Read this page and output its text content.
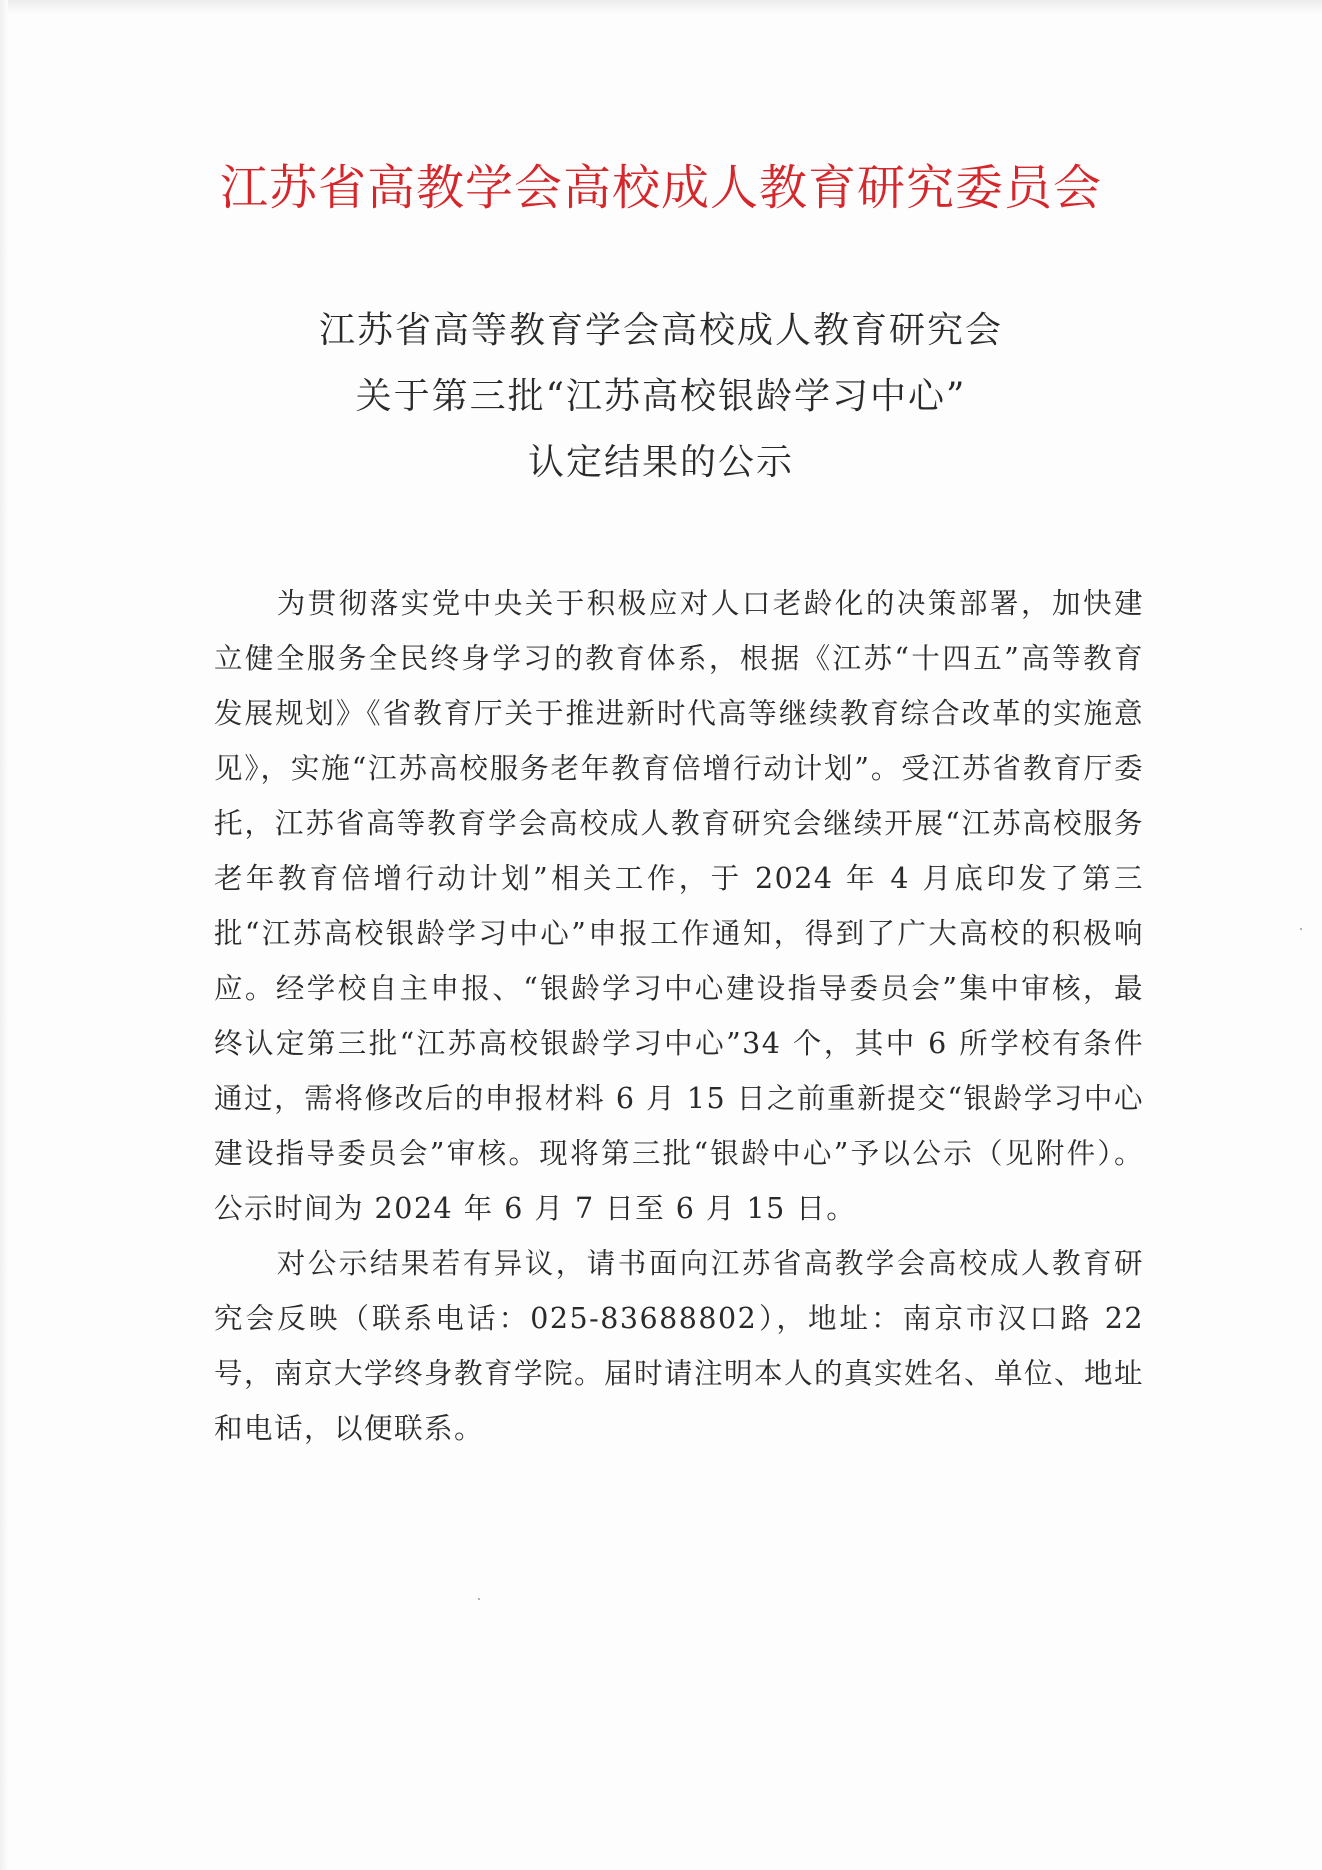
江苏省高教学会高校成人教育研究委员会
江苏省高等教育学会高校成人教育研究会
关于第三批“江苏高校银龄学习中心”
认定结果的公示

为贯彻落实党中央关于积极应对人口老龄化的决策部署，加快建立健全服务全民终身学习的教育体系，根据《江苏“十四五”高等教育发展规划》《省教育厅关于推进新时代高等继续教育综合改革的实施意见》，实施“江苏高校服务老年教育倍增行动计划”。受江苏省教育厅委托，江苏省高等教育学会高校成人教育研究会继续开展“江苏高校服务老年教育倍增行动计划”相关工作，于 2024 年 4 月底印发了第三批“江苏高校银龄学习中心”申报工作通知，得到了广大高校的积极响应。经学校自主申报、“银龄学习中心建设指导委员会”集中审核，最终认定第三批“江苏高校银龄学习中心”34 个，其中 6 所学校有条件通过，需将修改后的申报材料 6 月 15 日之前重新提交“银龄学习中心建设指导委员会”审核。现将第三批“银龄中心”予以公示（见附件）。公示时间为 2024 年 6 月 7 日至 6 月 15 日。

对公示结果若有异议，请书面向江苏省高教学会高校成人教育研究会反映（联系电话：025-83688802），地址：南京市汉口路 22 号，南京大学终身教育学院。届时请注明本人的真实姓名、单位、地址和电话，以便联系。
